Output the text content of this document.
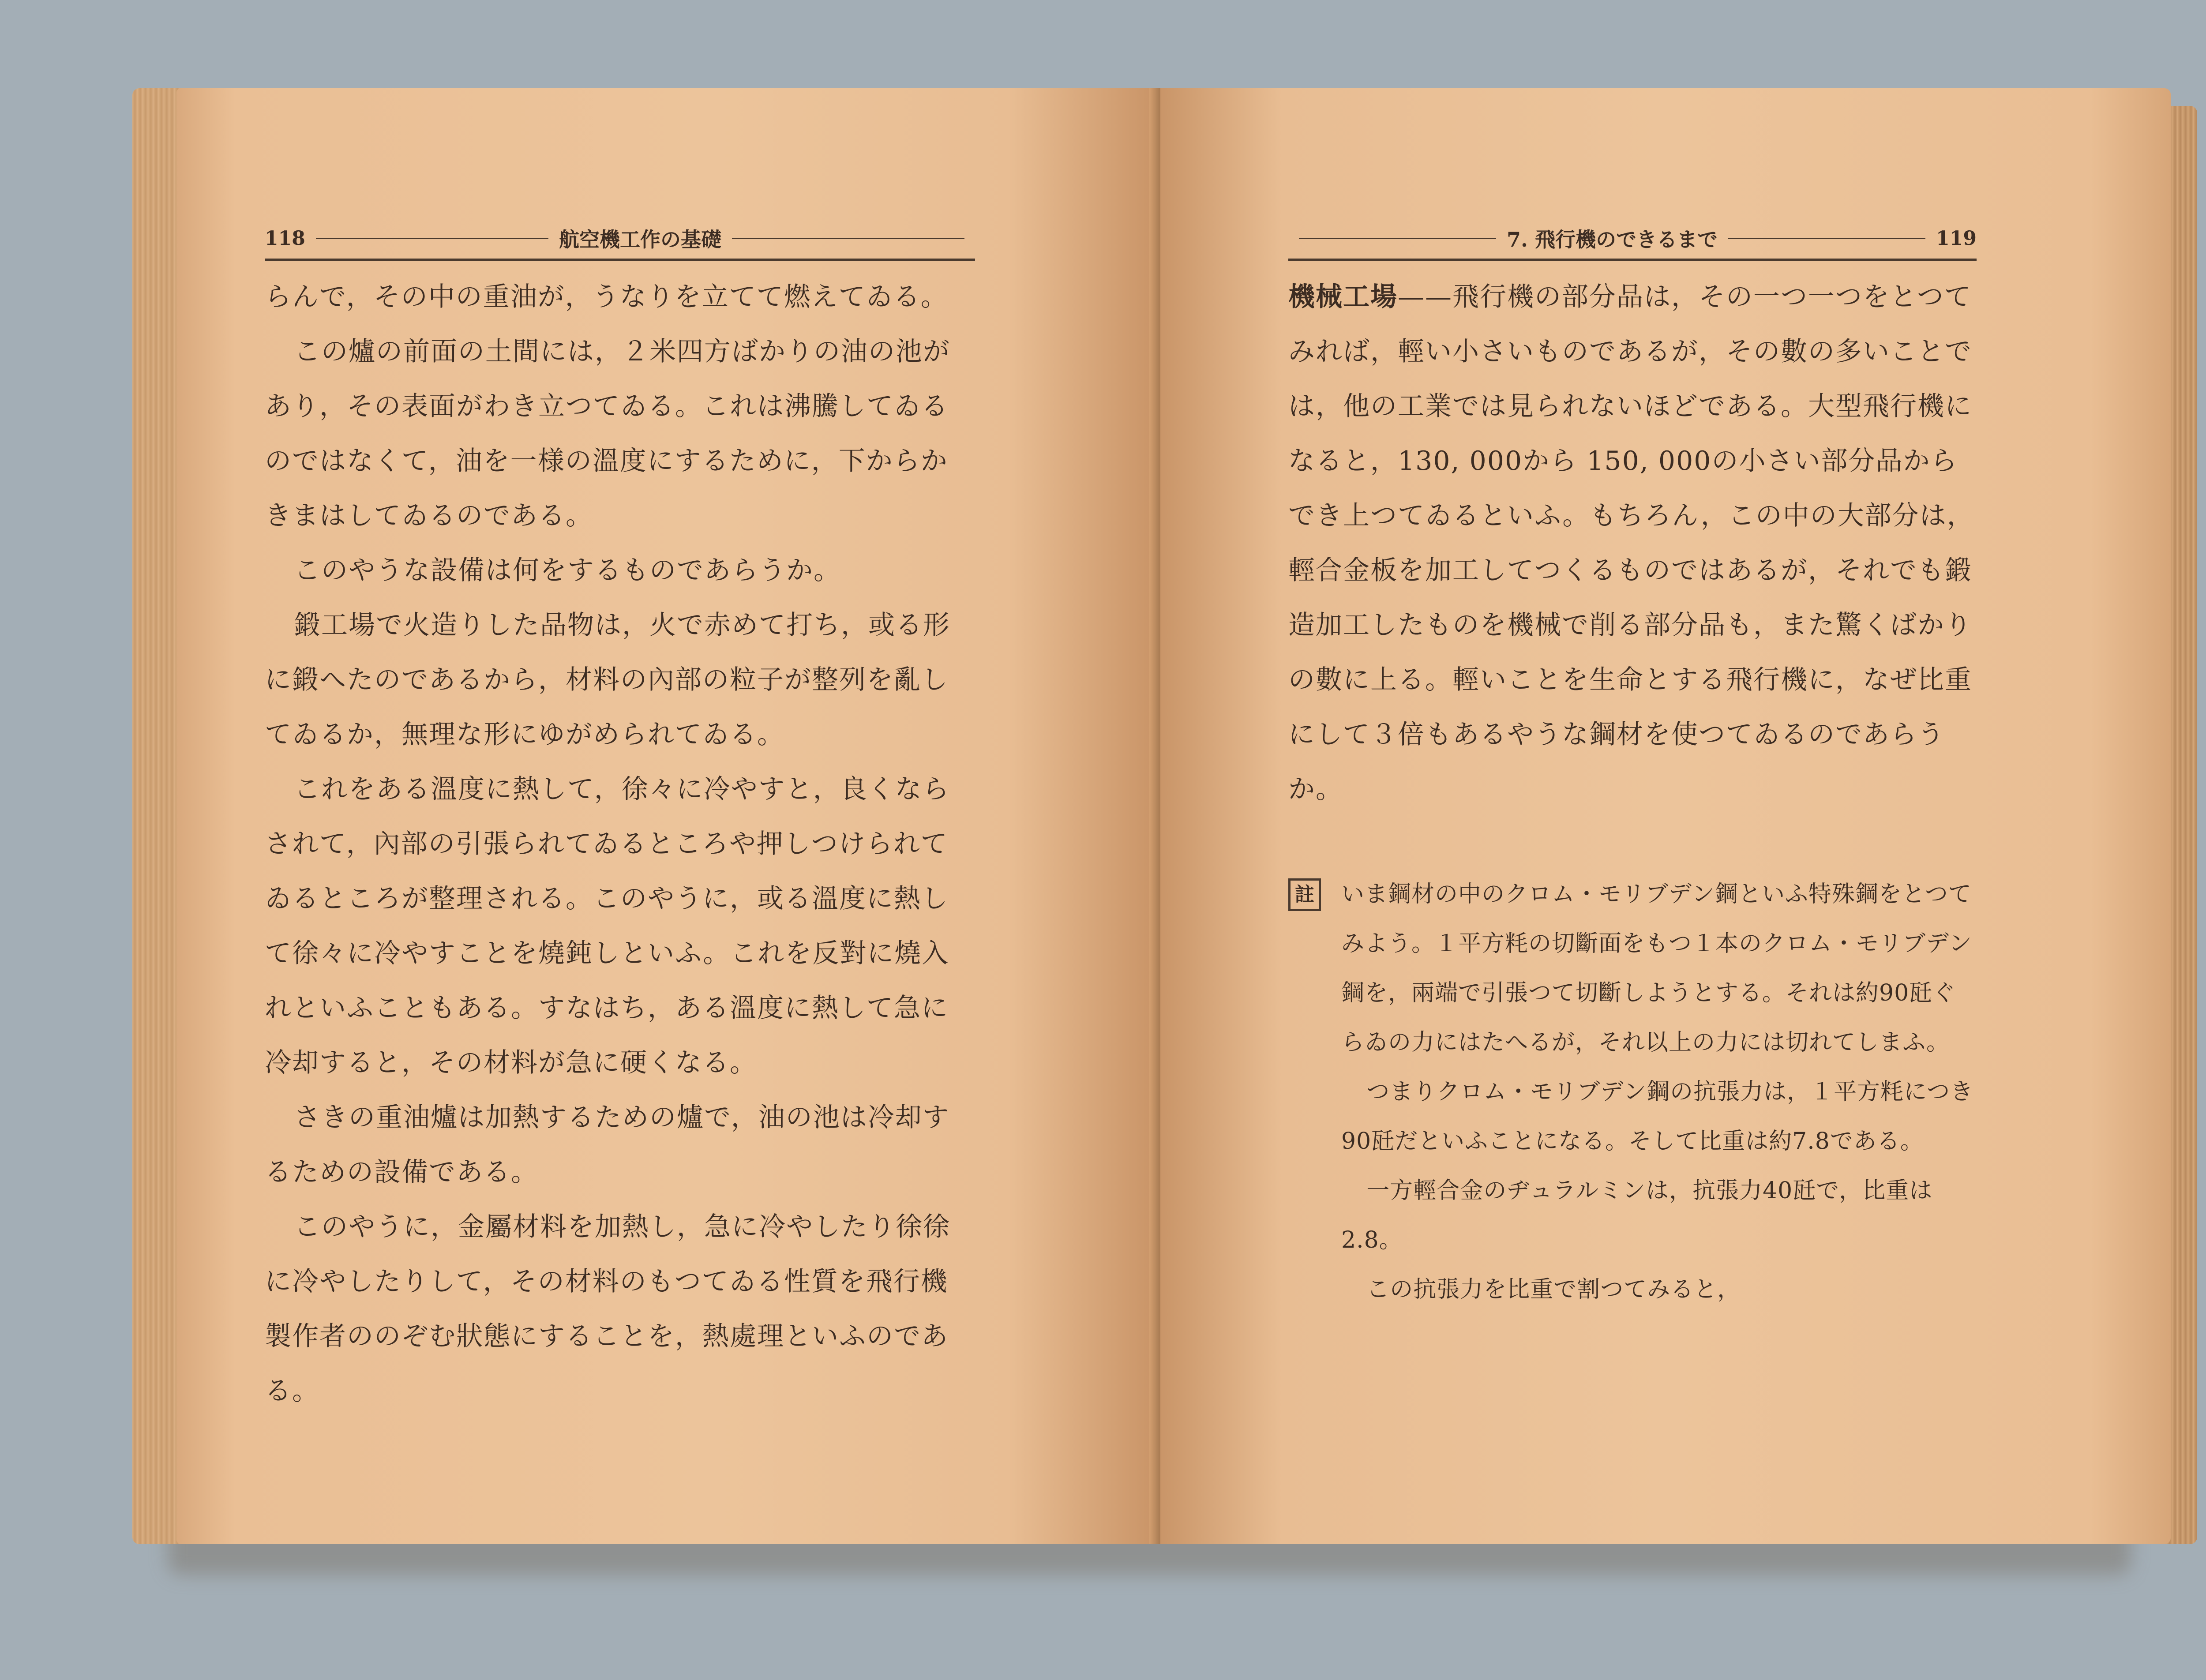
118	航空機工作の基礎

らんで，その中の重油が，うなりを立てて燃えてゐる。

この爐の前面の土間には，２米四方ばかりの油の池があり，その表面がわき立つてゐる。これは沸騰してゐるのではなくて，油を一様の溫度にするために，下からかきまはしてゐるのである。

このやうな設備は何をするものであらうか。

鍛工場で火造りした品物は，火で赤めて打ち，或る形に鍛へたのであるから，材料の內部の粒子が整列を亂してゐるか，無理な形にゆがめられてゐる。

これをある溫度に熱して，徐々に冷やすと，良くならされて，內部の引張られてゐるところや押しつけられてゐるところが整理される。このやうに，或る溫度に熱して徐々に冷やすことを燒鈍しといふ。これを反對に燒入れといふこともある。すなはち，ある溫度に熱して急に冷却すると，その材料が急に硬くなる。

さきの重油爐は加熱するための爐で，油の池は冷却するための設備である。

このやうに，金屬材料を加熱し，急に冷やしたり徐徐に冷やしたりして，その材料のもつてゐる性質を飛行機製作者ののぞむ狀態にすることを，熱處理といふのである。

7. 飛行機のできるまで	119

機械工場——飛行機の部分品は，その一つ一つをとつてみれば，輕い小さいものであるが，その數の多いことでは，他の工業では見られないほどである。大型飛行機になると，130, 000から 150, 000の小さい部分品からでき上つてゐるといふ。もちろん，この中の大部分は，輕合金板を加工してつくるものではあるが，それでも鍛造加工したものを機械で削る部分品も，また驚くばかりの數に上る。輕いことを生命とする飛行機に，なぜ比重にして３倍もあるやうな鋼材を使つてゐるのであらうか。

註 いま鋼材の中のクロム・モリブデン鋼といふ特殊鋼をとつてみよう。１平方粍の切斷面をもつ１本のクロム・モリブデン鋼を，兩端で引張つて切斷しようとする。それは約90瓩ぐらゐの力にはたへるが，それ以上の力には切れてしまふ。

つまりクロム・モリブデン鋼の抗張力は，１平方粍につき90瓩だといふことになる。そして比重は約7.8である。

一方輕合金のヂュラルミンは，抗張力40瓩で，比重は2.8。

この抗張力を比重で割つてみると，
